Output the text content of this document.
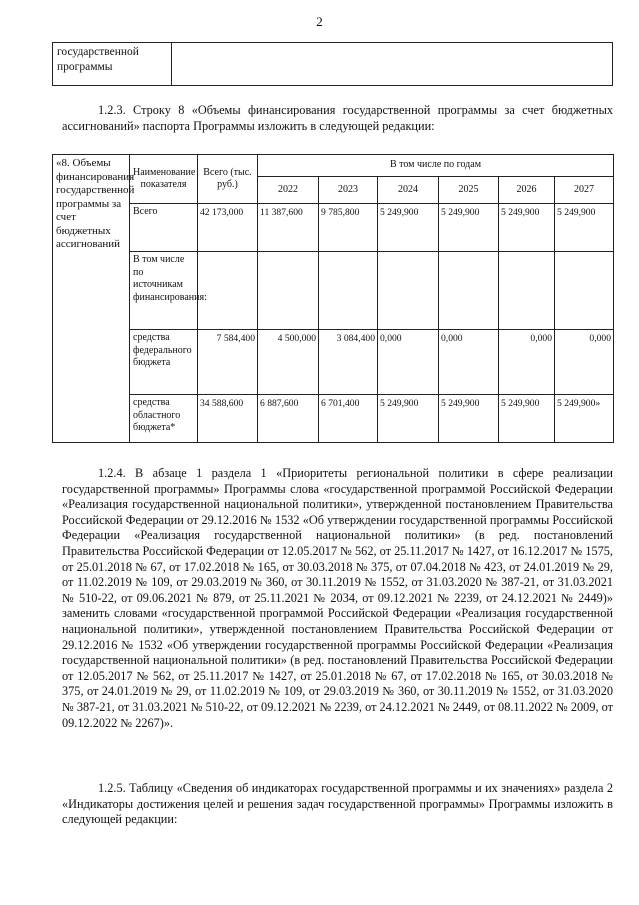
2
государственной программы	

1.2.3. Строку 8 «Объемы финансирования государственной программы за счет бюджетных ассигнований» паспорта Программы изложить в следующей редакции:

«8. Объемы финансирования государственной программы за счет бюджетных ассигнований	Наименование показателя	Всего (тыс. руб.)	В том числе по годам					
			2022	2023	2024	2025	2026	2027
	Всего	42 173,000	11 387,600	9 785,800	5 249,900	5 249,900	5 249,900	5 249,900
	В том числе по источникам финансирования:							
	средства федерального бюджета	7 584,400	4 500,000	3 084,400	0,000	0,000	0,000	0,000
	средства областного бюджета*	34 588,600	6 887,600	6 701,400	5 249,900	5 249,900	5 249,900	5 249,900»

1.2.4. В абзаце 1 раздела 1 «Приоритеты региональной политики в сфере реализации государственной программы» Программы слова «государственной программой Российской Федерации «Реализация государственной национальной политики», утвержденной постановлением Правительства Российской Федерации от 29.12.2016 № 1532 «Об утверждении государственной программы Российской Федерации «Реализация государственной национальной политики» (в ред. постановлений Правительства Российской Федерации от 12.05.2017 № 562, от 25.11.2017 № 1427, от 16.12.2017 № 1575, от 25.01.2018 № 67, от 17.02.2018 № 165, от 30.03.2018 № 375, от 07.04.2018 № 423, от 24.01.2019 № 29, от 11.02.2019 № 109, от 29.03.2019 № 360, от 30.11.2019 № 1552, от 31.03.2020 № 387-21, от 31.03.2021 № 510-22, от 09.06.2021 № 879, от 25.11.2021 № 2034, от 09.12.2021 № 2239, от 24.12.2021 № 2449)» заменить словами «государственной программой Российской Федерации «Реализация государственной национальной политики», утвержденной постановлением Правительства Российской Федерации от 29.12.2016 № 1532 «Об утверждении государственной программы Российской Федерации «Реализация государственной национальной политики» (в ред. постановлений Правительства Российской Федерации от 12.05.2017 № 562, от 25.11.2017 № 1427, от 25.01.2018 № 67, от 17.02.2018 № 165, от 30.03.2018 № 375, от 24.01.2019 № 29, от 11.02.2019 № 109, от 29.03.2019 № 360, от 30.11.2019 № 1552, от 31.03.2020 № 387-21, от 31.03.2021 № 510-22, от 09.12.2021 № 2239, от 24.12.2021 № 2449, от 08.11.2022 № 2009, от 09.12.2022 № 2267)».

1.2.5. Таблицу «Сведения об индикаторах государственной программы и их значениях» раздела 2 «Индикаторы достижения целей и решения задач государственной программы» Программы изложить в следующей редакции:
